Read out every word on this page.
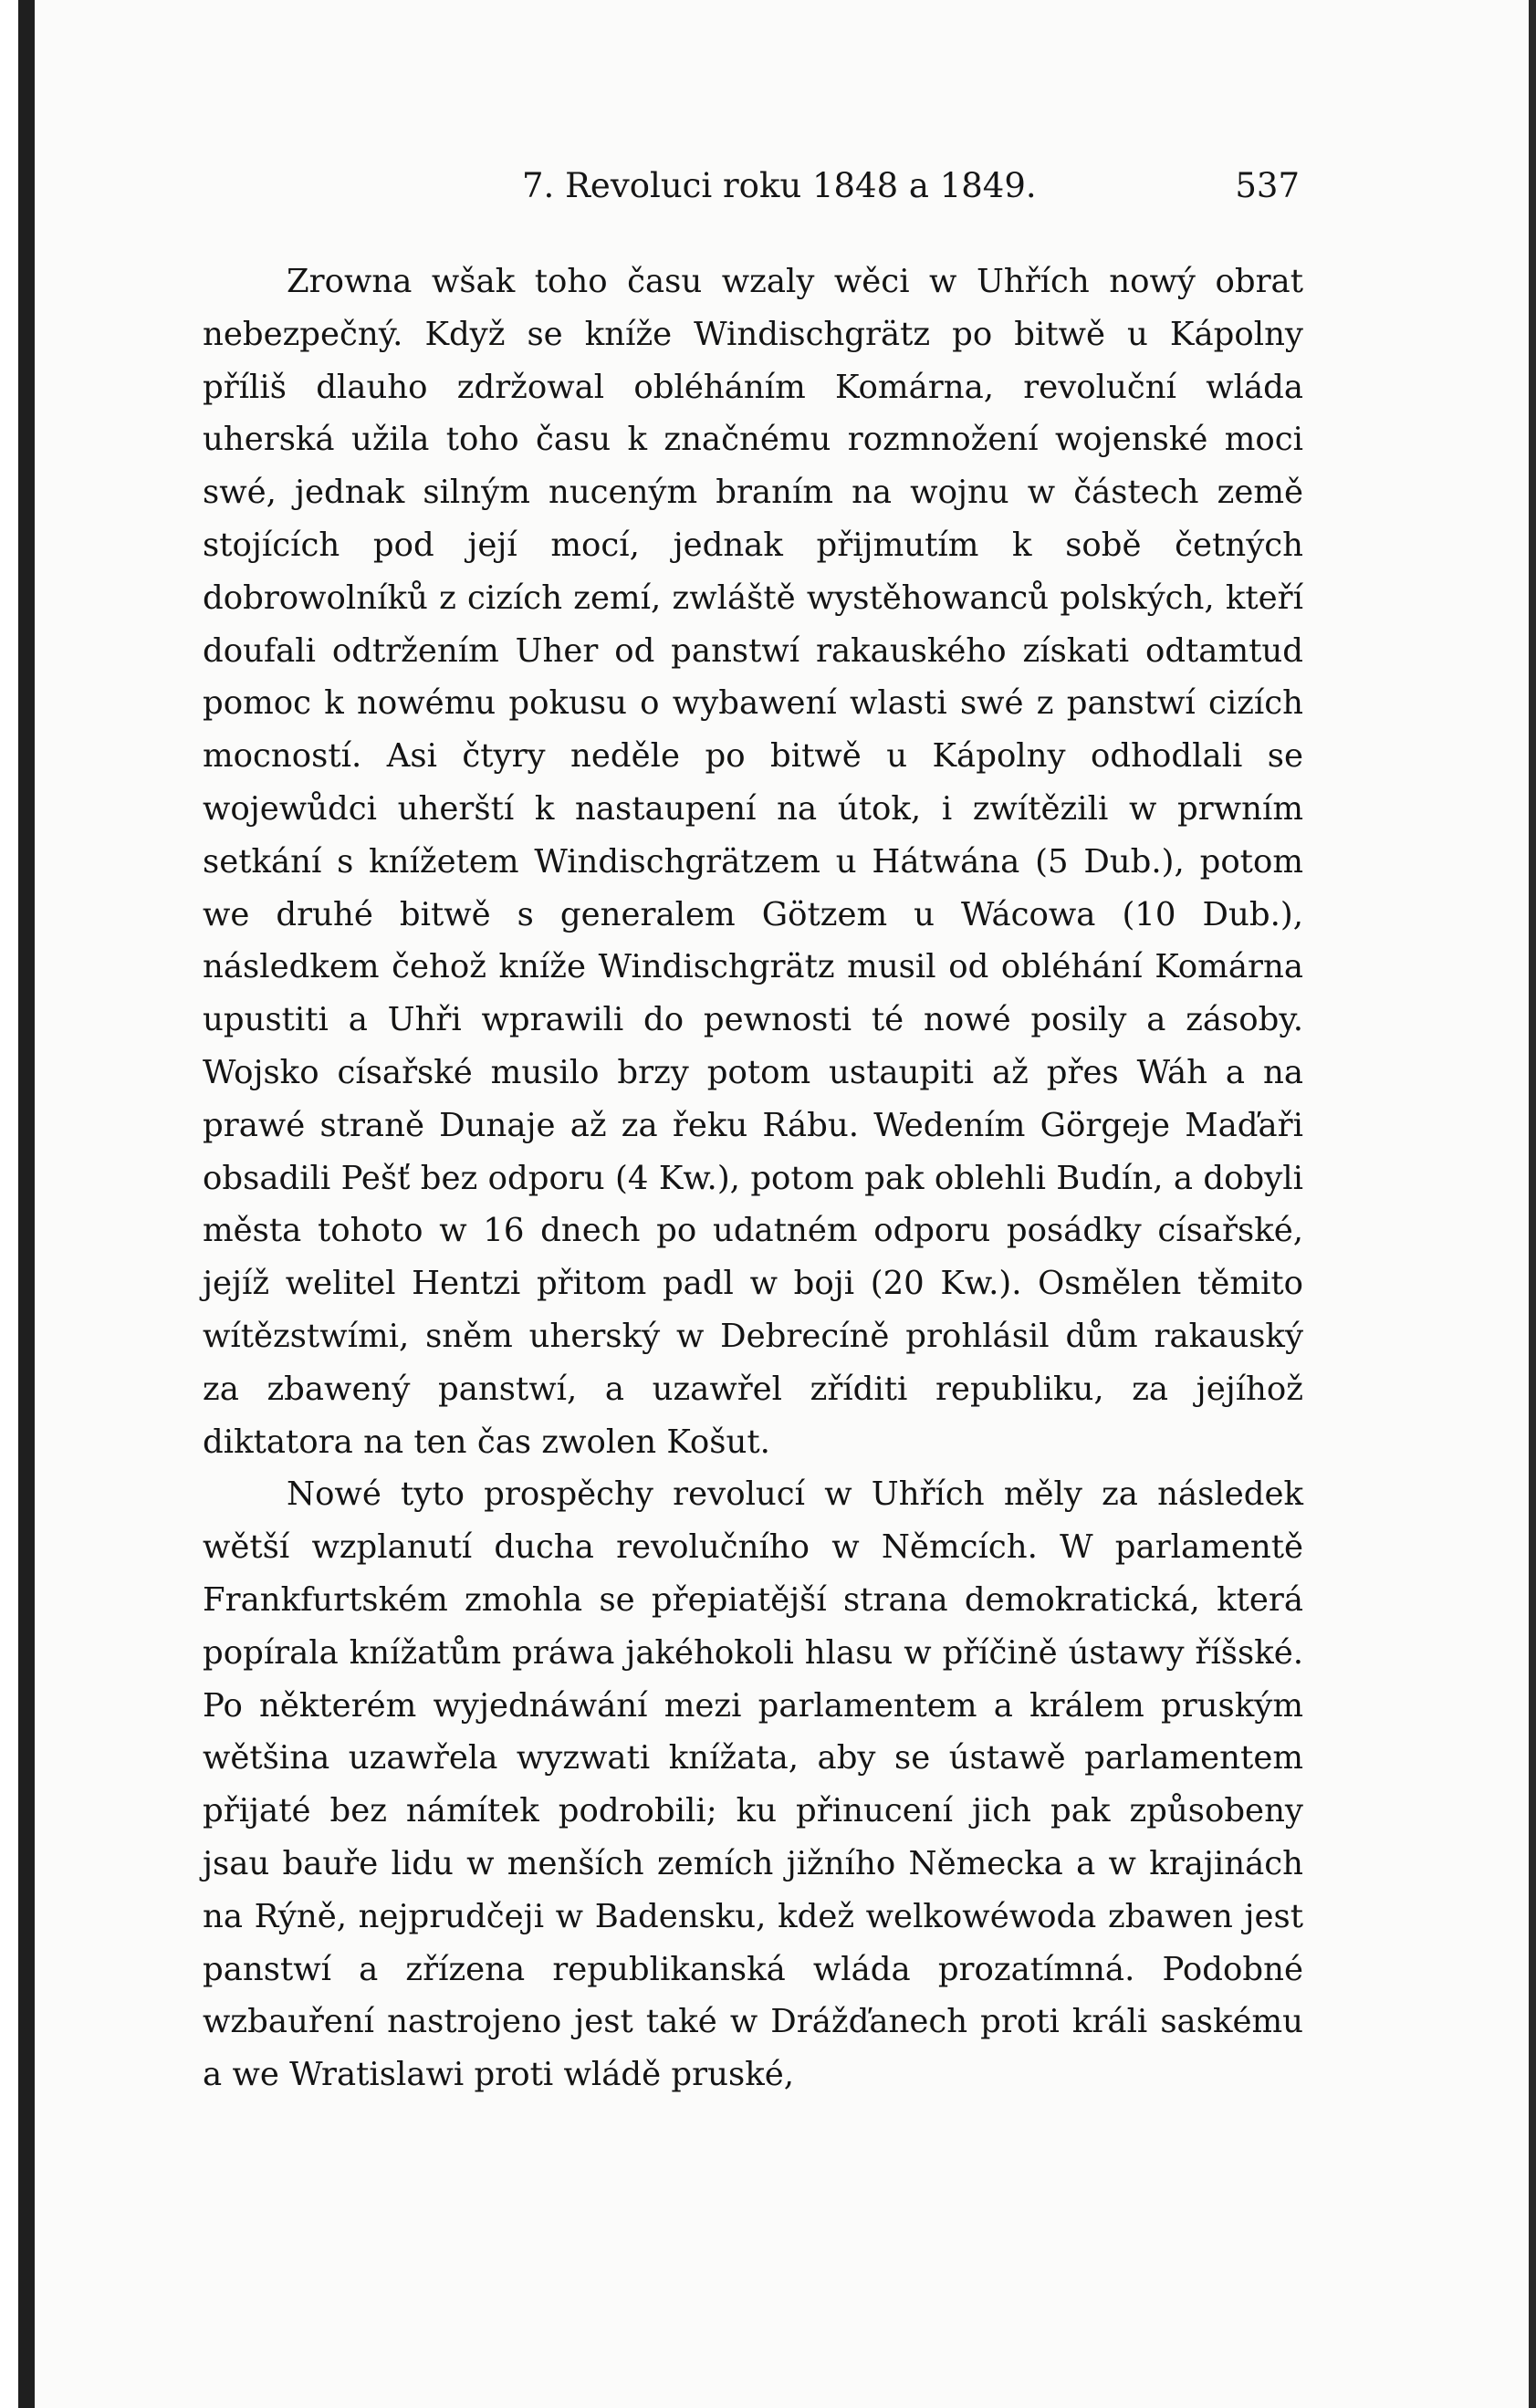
7. Revoluci roku 1848 a 1849.	537

Zrowna wšak toho času wzaly wěci w Uhřích nowý obrat nebezpečný. Když se kníže Windischgrätz po bitwě u Kápolny příliš dlauho zdržowal obléháním Komárna, revoluční wláda uherská užila toho času k značnému rozmnožení wojenské moci swé, jednak silným nuceným braním na wojnu w částech země stojících pod její mocí, jednak přijmutím k sobě četných dobrowolníků z cizích zemí, zwláště wystěhowanců polských, kteří doufali odtržením Uher od panstwí rakauského získati odtamtud pomoc k nowému pokusu o wybawení wlasti swé z panstwí cizích mocností. Asi čtyry neděle po bitwě u Kápolny odhodlali se wojewůdci uherští k nastaupení na útok, i zwítězili w prwním setkání s knížetem Windischgrätzem u Hátwána (5 Dub.), potom we druhé bitwě s generalem Götzem u Wácowa (10 Dub.), následkem čehož kníže Windischgrätz musil od obléhání Komárna upustiti a Uhři wprawili do pewnosti té nowé posily a zásoby. Wojsko císařské musilo brzy potom ustaupiti až přes Wáh a na prawé straně Dunaje až za řeku Rábu. Wedením Görgeje Maďaři obsadili Pešť bez odporu (4 Kw.), potom pak oblehli Budín, a dobyli města tohoto w 16 dnech po udatném odporu posádky císařské, jejíž welitel Hentzi přitom padl w boji (20 Kw.). Osmělen těmito wítězstwími, sněm uherský w Debrecíně prohlásil dům rakauský za zbawený panstwí, a uzawřel zříditi republiku, za jejíhož diktatora na ten čas zwolen Košut.

Nowé tyto prospěchy revolucí w Uhřích měly za následek wětší wzplanutí ducha revolučního w Němcích. W parlamentě Frankfurtském zmohla se přepiatější strana demokratická, která popírala knížatům práwa jakéhokoli hlasu w příčině ústawy říšské. Po některém wyjednáwání mezi parlamentem a králem pruským wětšina uzawřela wyzwati knížata, aby se ústawě parlamentem přijaté bez námítek podrobili; ku přinucení jich pak způsobeny jsau bauře lidu w menších zemích jižního Německa a w krajinách na Rýně, nejprudčeji w Badensku, kdež welkowéwoda zbawen jest panstwí a zřízena republikanská wláda prozatímná. Podobné wzbauření nastrojeno jest také w Drážďanech proti králi saskému a we Wratislawi proti wládě pruské,
